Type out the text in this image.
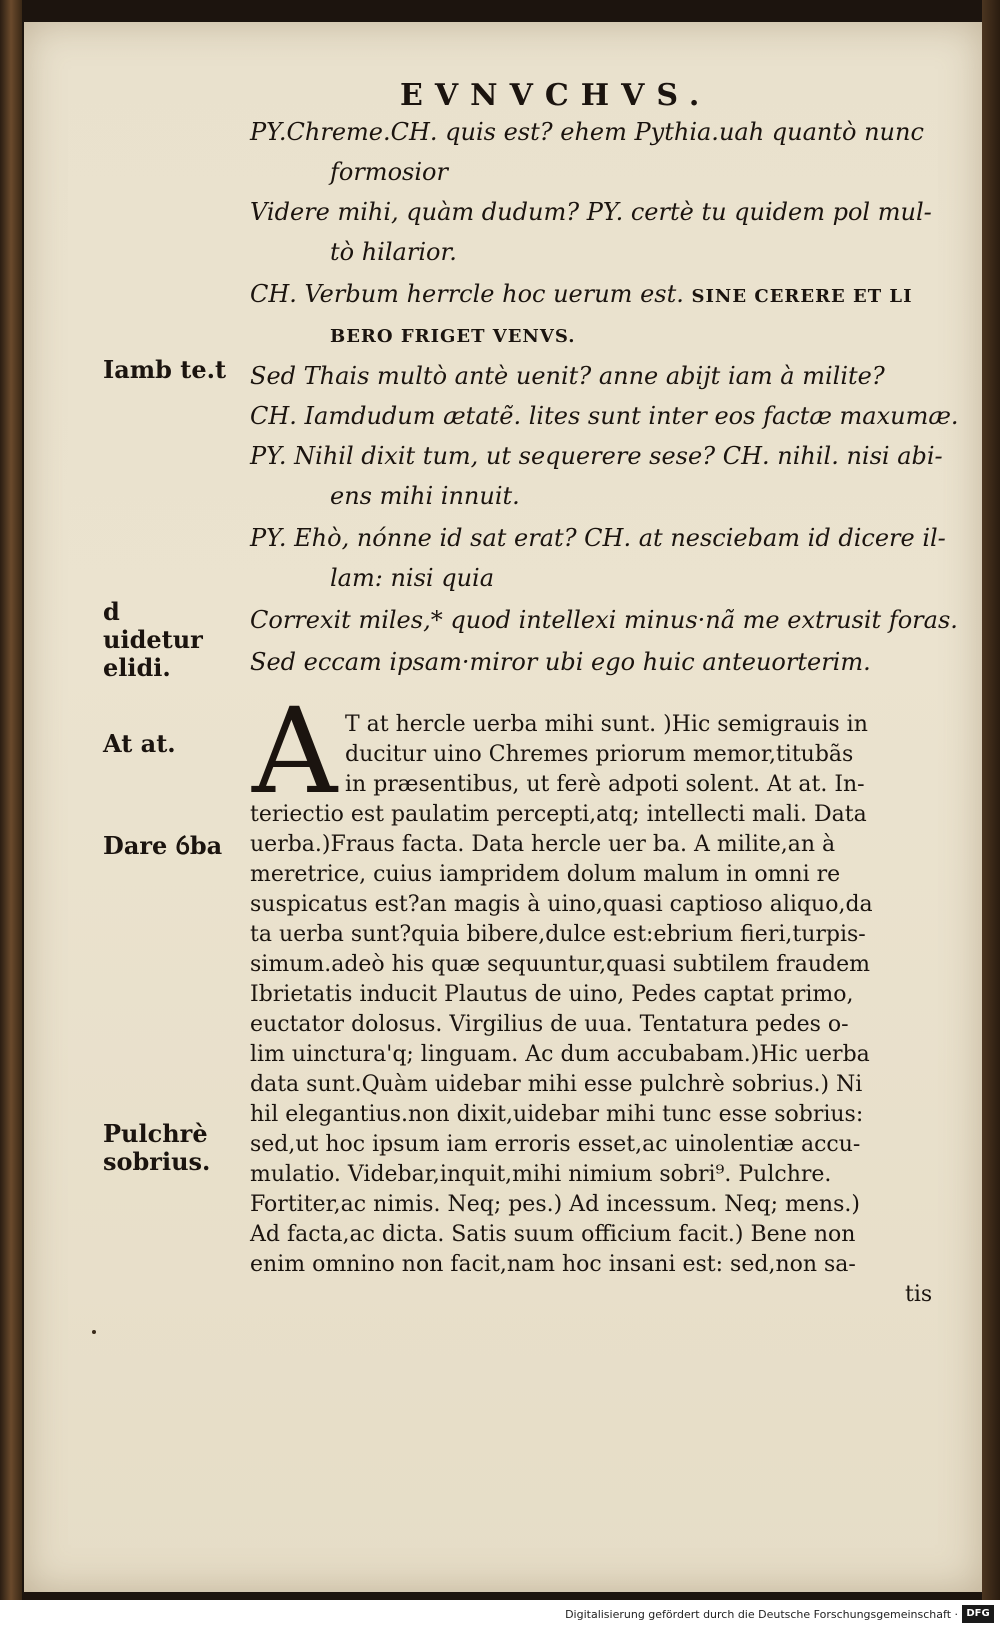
EVNVCHVS.
PY.Chreme.CH. quis est? ehem Pythia.uah quantò nunc
formosior
Videre mihi, quàm dudum? PY. certè tu quidem pol mul-
tò hilarior.
CH. Verbum herrcle hoc uerum est. SINE CERERE ET LI
BERO FRIGET VENVS.
Sed Thais multò antè uenit? anne abijt iam à milite?
CH. Iamdudum ætatẽ. lites sunt inter eos factæ maxumæ.
PY. Nihil dixit tum, ut sequerere sese? CH. nihil. nisi abi-
ens mihi innuit.
PY. Ehò, nónne id sat erat? CH. at nesciebam id dicere il-
lam: nisi quia
Correxit miles,* quod intellexi minus·nã me extrusit foras.
Sed eccam ipsam·miror ubi ego huic anteuorterim.
Iamb te.t
d uidetur elidi.
At at.
Dare ỽba
Pulchrè sobrius.
A T at hercle uerba mihi sunt. )Hic semigrauis in
ducitur uino Chremes priorum memor,titubãs
in præsentibus, ut ferè adpoti solent. At at. In-
teriectio est paulatim percepti,atq; intellecti mali. Data
uerba.)Fraus facta. Data hercle uer ba. A milite,an à
meretrice, cuius iampridem dolum malum in omni re
suspicatus est?an magis à uino,quasi captioso aliquo,da
ta uerba sunt?quia bibere,dulce est:ebrium fieri,turpis-
simum.adeò his quæ sequuntur,quasi subtilem fraudem
Ibrietatis inducit Plautus de uino, Pedes captat primo,
euctator dolosus. Virgilius de uua. Tentatura pedes o-
lim uinctura'q; linguam. Ac dum accubabam.)Hic uerba
data sunt.Quàm uidebar mihi esse pulchrè sobrius.) Ni
hil elegantius.non dixit,uidebar mihi tunc esse sobrius:
sed,ut hoc ipsum iam erroris esset,ac uinolentiæ accu-
mulatio. Videbar,inquit,mihi nimium sobri⁹. Pulchre.
Fortiter,ac nimis. Neq; pes.) Ad incessum. Neq; mens.)
Ad facta,ac dicta. Satis suum officium facit.) Bene non
enim omnino non facit,nam hoc insani est: sed,non sa-
tis
Digitalisierung gefördert durch die Deutsche Forschungsgemeinschaft · DFG
